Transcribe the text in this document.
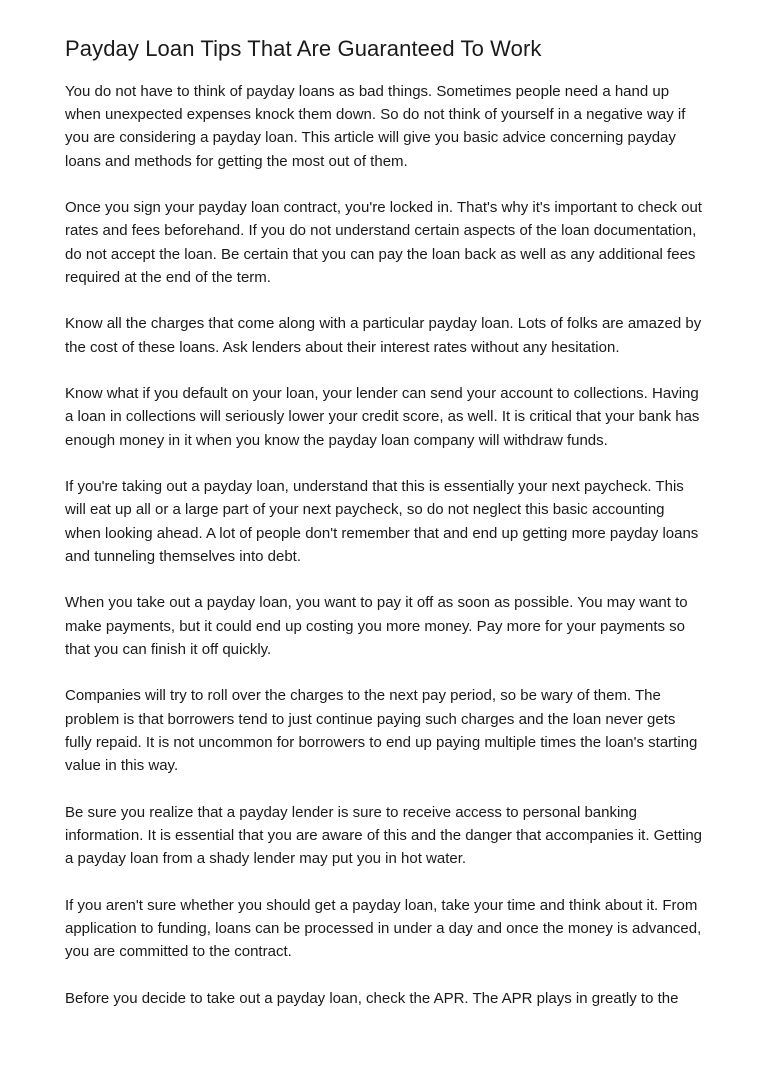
Payday Loan Tips That Are Guaranteed To Work

You do not have to think of payday loans as bad things. Sometimes people need a hand up when unexpected expenses knock them down. So do not think of yourself in a negative way if you are considering a payday loan. This article will give you basic advice concerning payday loans and methods for getting the most out of them.

Once you sign your payday loan contract, you're locked in. That's why it's important to check out rates and fees beforehand. If you do not understand certain aspects of the loan documentation, do not accept the loan. Be certain that you can pay the loan back as well as any additional fees required at the end of the term.

Know all the charges that come along with a particular payday loan. Lots of folks are amazed by the cost of these loans. Ask lenders about their interest rates without any hesitation.

Know what if you default on your loan, your lender can send your account to collections. Having a loan in collections will seriously lower your credit score, as well. It is critical that your bank has enough money in it when you know the payday loan company will withdraw funds.

If you're taking out a payday loan, understand that this is essentially your next paycheck. This will eat up all or a large part of your next paycheck, so do not neglect this basic accounting when looking ahead. A lot of people don't remember that and end up getting more payday loans and tunneling themselves into debt.

When you take out a payday loan, you want to pay it off as soon as possible. You may want to make payments, but it could end up costing you more money. Pay more for your payments so that you can finish it off quickly.

Companies will try to roll over the charges to the next pay period, so be wary of them. The problem is that borrowers tend to just continue paying such charges and the loan never gets fully repaid. It is not uncommon for borrowers to end up paying multiple times the loan's starting value in this way.

Be sure you realize that a payday lender is sure to receive access to personal banking information. It is essential that you are aware of this and the danger that accompanies it. Getting a payday loan from a shady lender may put you in hot water.

If you aren't sure whether you should get a payday loan, take your time and think about it. From application to funding, loans can be processed in under a day and once the money is advanced, you are committed to the contract.

Before you decide to take out a payday loan, check the APR. The APR plays in greatly to the
